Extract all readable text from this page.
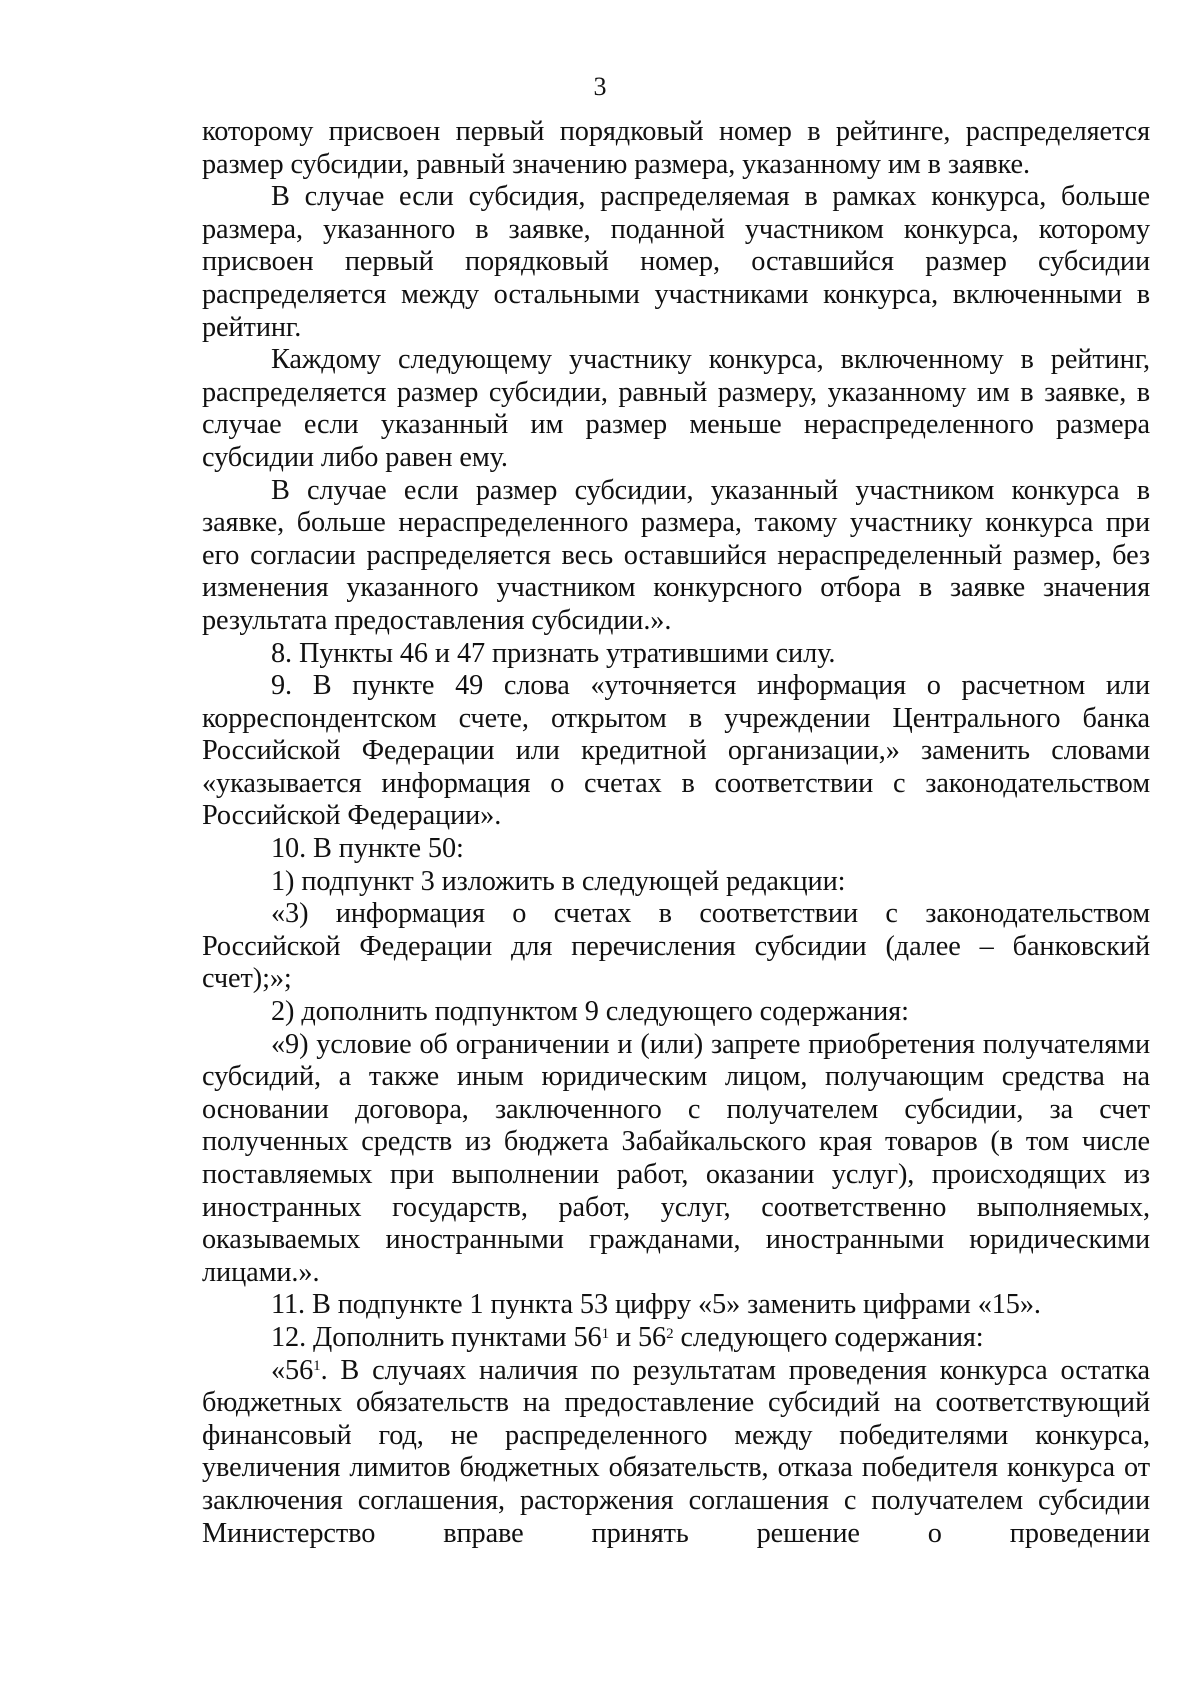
3

которому присвоен первый порядковый номер в рейтинге, распределяется размер субсидии, равный значению размера, указанному им в заявке.

В случае если субсидия, распределяемая в рамках конкурса, больше размера, указанного в заявке, поданной участником конкурса, которому присвоен первый порядковый номер, оставшийся размер субсидии распределяется между остальными участниками конкурса, включенными в рейтинг.

Каждому следующему участнику конкурса, включенному в рейтинг, распределяется размер субсидии, равный размеру, указанному им в заявке, в случае если указанный им размер меньше нераспределенного размера субсидии либо равен ему.

В случае если размер субсидии, указанный участником конкурса в заявке, больше нераспределенного размера, такому участнику конкурса при его согласии распределяется весь оставшийся нераспределенный размер, без изменения указанного участником конкурсного отбора в заявке значения результата предоставления субсидии.».

8. Пункты 46 и 47 признать утратившими силу.

9. В пункте 49 слова «уточняется информация о расчетном или корреспондентском счете, открытом в учреждении Центрального банка Российской Федерации или кредитной организации,» заменить словами «указывается информация о счетах в соответствии с законодательством Российской Федерации».

10. В пункте 50:

1) подпункт 3 изложить в следующей редакции:

«3) информация о счетах в соответствии с законодательством Российской Федерации для перечисления субсидии (далее – банковский счет);»;

2) дополнить подпунктом 9 следующего содержания:

«9) условие об ограничении и (или) запрете приобретения получателями субсидий, а также иным юридическим лицом, получающим средства на основании договора, заключенного с получателем субсидии, за счет полученных средств из бюджета Забайкальского края товаров (в том числе поставляемых при выполнении работ, оказании услуг), происходящих из иностранных государств, работ, услуг, соответственно выполняемых, оказываемых иностранными гражданами, иностранными юридическими лицами.».

11. В подпункте 1 пункта 53 цифру «5» заменить цифрами «15».

12. Дополнить пунктами $56^1$ и $56^2$ следующего содержания:

«$56^1$. В случаях наличия по результатам проведения конкурса остатка бюджетных обязательств на предоставление субсидий на соответствующий финансовый год, не распределенного между победителями конкурса, увеличения лимитов бюджетных обязательств, отказа победителя конкурса от заключения соглашения, расторжения соглашения с получателем субсидии Министерство вправе принять решение о проведении
